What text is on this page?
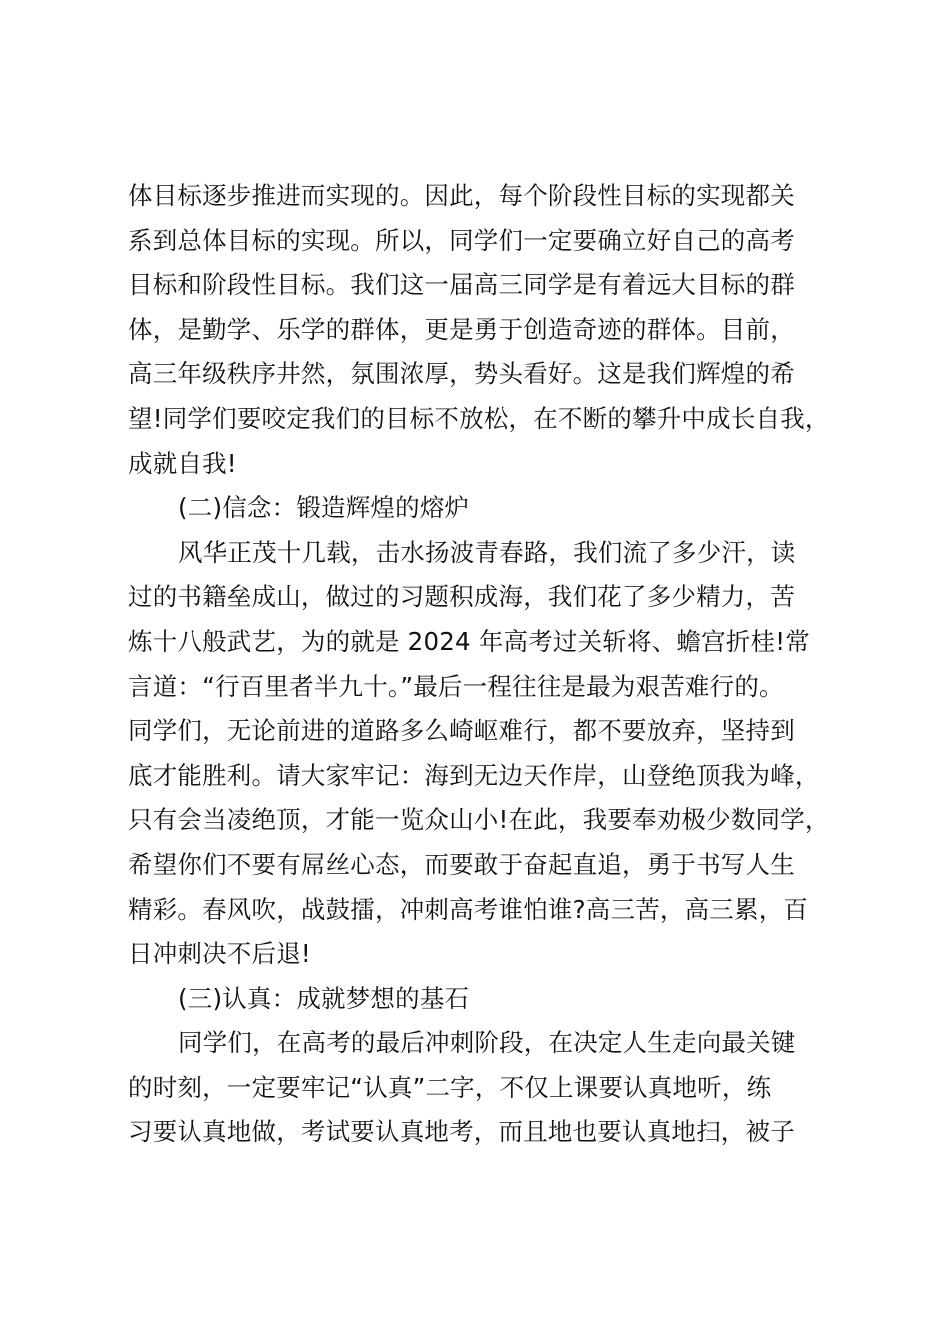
体目标逐步推进而实现的。因此，每个阶段性目标的实现都关
系到总体目标的实现。所以，同学们一定要确立好自己的高考
目标和阶段性目标。我们这一届高三同学是有着远大目标的群
体，是勤学、乐学的群体，更是勇于创造奇迹的群体。目前，
高三年级秩序井然，氛围浓厚，势头看好。这是我们辉煌的希
望!同学们要咬定我们的目标不放松，在不断的攀升中成长自我，
成就自我!
(二)信念：锻造辉煌的熔炉
风华正茂十几载，击水扬波青春路，我们流了多少汗，读
过的书籍垒成山，做过的习题积成海，我们花了多少精力，苦
炼十八般武艺，为的就是 2024 年高考过关斩将、蟾宫折桂!常
言道：“行百里者半九十。”最后一程往往是最为艰苦难行的。
同学们，无论前进的道路多么崎岖难行，都不要放弃，坚持到
底才能胜利。请大家牢记：海到无边天作岸，山登绝顶我为峰，
只有会当凌绝顶，才能一览众山小!在此，我要奉劝极少数同学，
希望你们不要有屌丝心态，而要敢于奋起直追，勇于书写人生
精彩。春风吹，战鼓擂，冲刺高考谁怕谁?高三苦，高三累，百
日冲刺决不后退!
(三)认真：成就梦想的基石
同学们，在高考的最后冲刺阶段，在决定人生走向最关键
的时刻，一定要牢记“认真”二字，不仅上课要认真地听，练
习要认真地做，考试要认真地考，而且地也要认真地扫，被子
